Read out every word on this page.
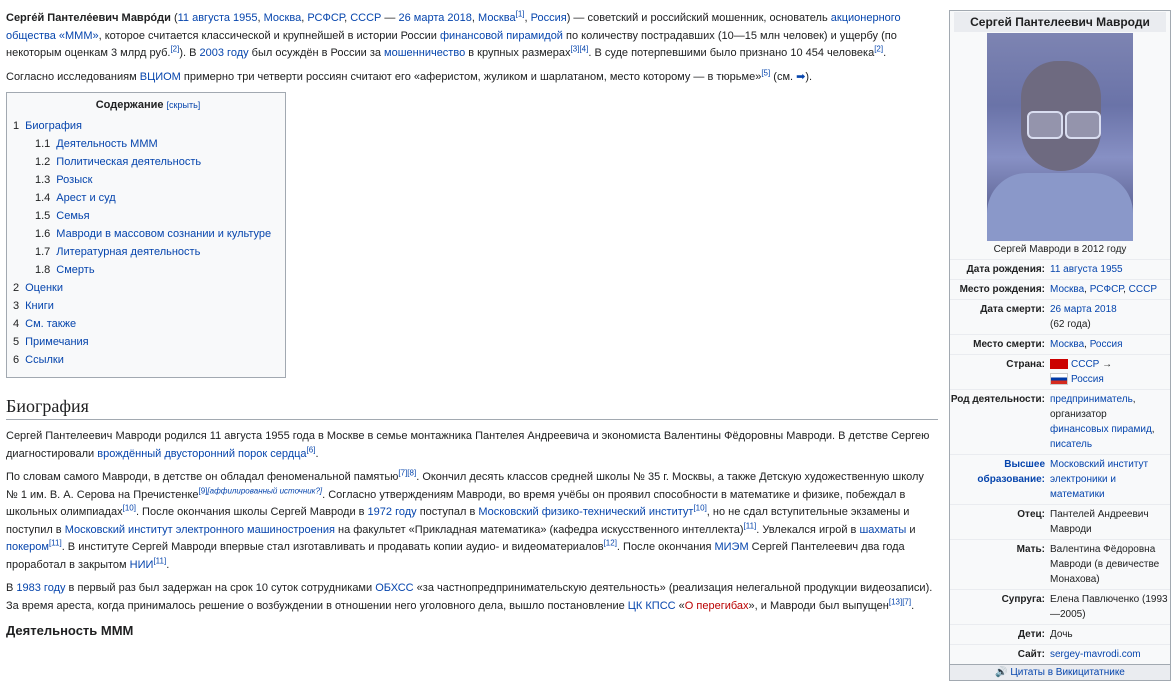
Серге́й Пантеле́евич Мавро́ди (11 августа 1955, Москва, РСФСР, СССР — 26 марта 2018, Москва[1], Россия) — советский и российский мошенник, основатель акционерного общества «МММ», которое считается классической и крупнейшей в истории России финансовой пирамидой по количеству пострадавших (10—15 млн человек) и ущербу (по некоторым оценкам 3 млрд руб.[2]). В 2003 году был осуждён в России за мошенничество в крупных размерах[3][4]. В суде потерпевшими было признано 10 454 человека[2].

Согласно исследованиям ВЦИОМ примерно три четверти россиян считают его «аферистом, жуликом и шарлатаном, место которому — в тюрьме»[5] (см. ➡).

Содержание [скрыть]
1 Биография
1.1 Деятельность МММ
1.2 Политическая деятельность
1.3 Розыск
1.4 Арест и суд
1.5 Семья
1.6 Мавроди в массовом сознании и культуре
1.7 Литературная деятельность
1.8 Смерть
2 Оценки
3 Книги
4 См. также
5 Примечания
6 Ссылки
Биография

Сергей Пантелеевич Мавроди родился 11 августа 1955 года в Москве в семье монтажника Пантелея Андреевича и экономиста Валентины Фёдоровны Мавроди. В детстве Сергею диагностировали врождённый двусторонний порок сердца[6].

По словам самого Мавроди, в детстве он обладал феноменальной памятью[7][8]. Окончил десять классов средней школы № 35 г. Москвы, а также Детскую художественную школу № 1 им. В. А. Серова на Пречистенке[9][аффилированный источник?]. Согласно утверждениям Мавроди, во время учёбы он проявил способности в математике и физике, побеждал в школьных олимпиадах[10]. После окончания школы Сергей Мавроди в 1972 году поступал в Московский физико-технический институт[10], но не сдал вступительные экзамены и поступил в Московский институт электронного машиностроения на факультет «Прикладная математика» (кафедра искусственного интеллекта)[11]. Увлекался игрой в шахматы и покером[11]. В институте Сергей Мавроди впервые стал изготавливать и продавать копии аудио- и видеоматериалов[12]. После окончания МИЭМ Сергей Пантелеевич два года проработал в закрытом НИИ[11].

В 1983 году в первый раз был задержан на срок 10 суток сотрудниками ОБХСС «за частнопредпринимательскую деятельность» (реализация нелегальной продукции видеозаписи). За время ареста, когда принималось решение о возбуждении в отношении него уголовного дела, вышло постановление ЦК КПСС «О перегибах», и Мавроди был выпущен[13][7].

Деятельность МММ
Сергей Пантелеевич Мавроди
Сергей Мавроди в 2012 году
Дата рождения: 11 августа 1955
Место рождения: Москва, РСФСР, СССР
Дата смерти: 26 марта 2018
(62 года)
Место смерти: Москва, Россия
Страна:	СССР →
Россия
Род деятельности: предприниматель,
организатор
финансовых пирамид,
писатель
Высшее образование:
Московский институт электроники и математики
Отец: Пантелей Андреевич Мавроди
Мать: Валентина Фёдоровна Мавроди (в девичестве Монахова)
Супруга: Елена Павлюченко (1993—2005)
Дети: Дочь
Сайт: sergey-mavrodi.com
🔊 Цитаты в Викицитатнике
